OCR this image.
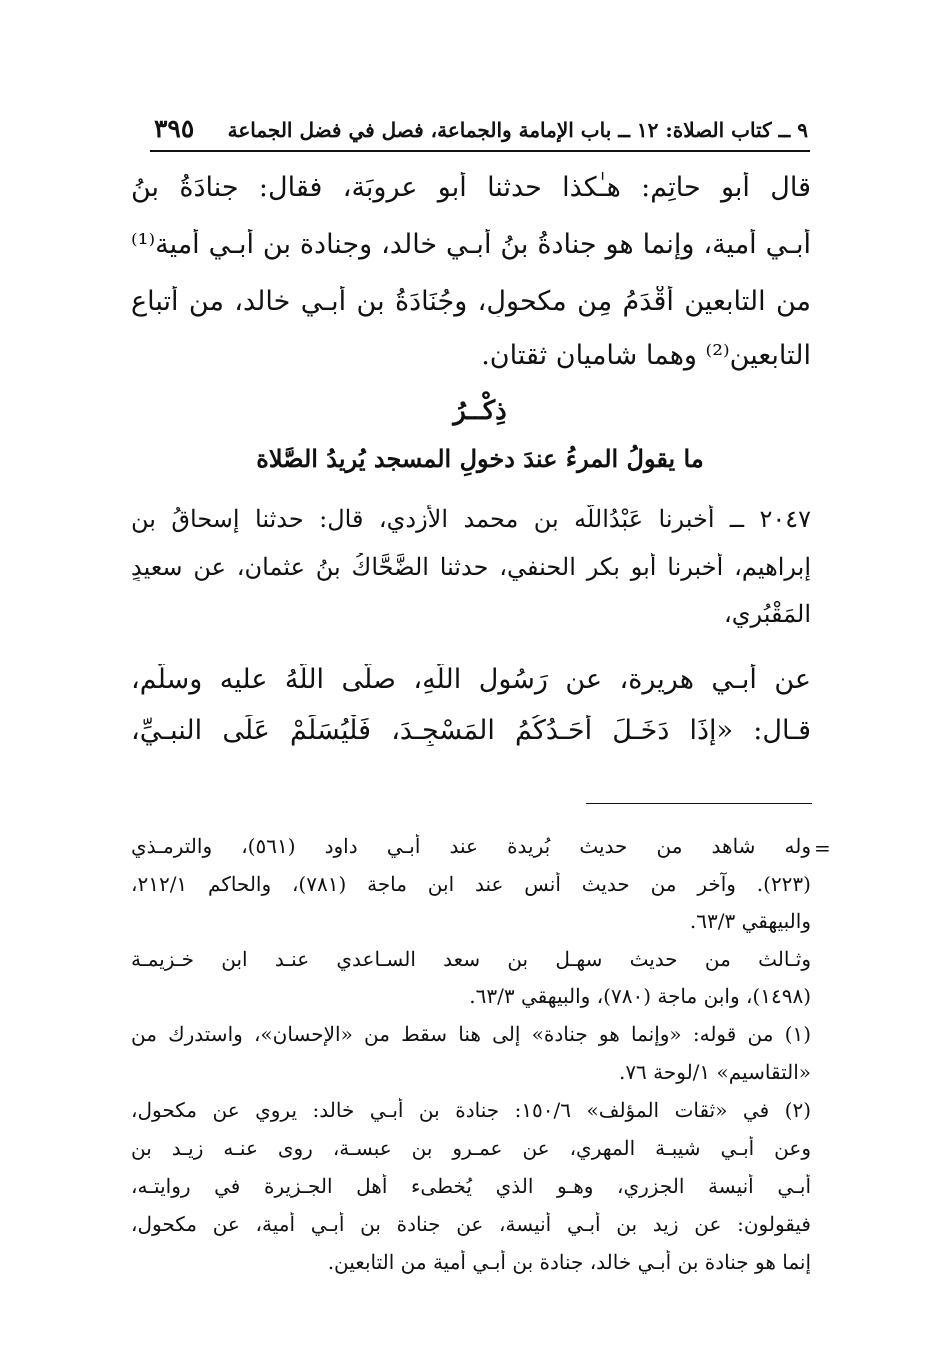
٩ ــ كتاب الصلاة: ١٢ ــ باب الإمامة والجماعة، فصل في فضل الجماعة
٣٩٥
قال أبو حاتِم: هـٰكذا حدثنا أبو عروبَة، فقال: جنادَةُ بنُ
أبـي أمية، وإنما هو جنادةُ بنُ أبـي خالد، وجنادة بن أبـي أمية⁽¹⁾
من التابعين أقْدَمُ مِن مكحولٍ، وجُنَادَةُ بن أبـي خالد، من أتباعِ
التابعين⁽²⁾ وهما شاميان ثقتان.
ذِكْــرُ
ما يقولُ المرءُ عندَ دخولِ المسجد يُريدُ الصَّلاة
٢٠٤٧ ــ أخبرنا عَبْدُاللَّه بن محمد الأزدي، قال: حدثنا إسحاقُ بن
إبراهيم، أخبرنا أبو بكر الحنفي، حدثنا الضَّحَّاكُ بنُ عثمان، عن سعيدٍ
المَقْبُري،
عن أبـي هريرة، عن رَسُولِ اللَّهِ، صلَّى اللَّهُ عليه وسلَّم،
قـال: «إذَا دَخَـلَ أَحَـدُكُمُ المَسْجِـدَ، فَلْيُسَلِّمْ عَلَى النبـيِّ،
=
وله شاهد من حديث بُريدة عند أبـي داود (٥٦١)، والترمـذي
(٢٢٣). وآخر من حديث أنس عند ابن ماجة (٧٨١)، والحاكم ٢١٢/١،
والبيهقي ٦٣/٣.
وثـالث من حديث سهـل بن سعد السـاعدي عنـد ابن خـزيمـة
(١٤٩٨)، وابن ماجة (٧٨٠)، والبيهقي ٦٣/٣.
(١) من قوله: «وإنما هو جنادة» إلى هنا سقط من «الإحسان»، واستدرك من
«التقاسيم» ١/لوحة ٧٦.
(٢) في «ثقات المؤلف» ١٥٠/٦: جنادة بن أبـي خالد: يروي عن مكحول،
وعن أبـي شيبـة المهري، عن عمـرو بن عبسـة، روى عنـه زيـد بن
أبـي أُنيسة الجزري، وهـو الذي يُخطىء أهل الجـزيرة في روايتـه،
فيقولون: عن زيد بن أبـي أنيسة، عن جنادة بن أبـي أمية، عن مكحول،
إنما هو جنادة بن أبـي خالد، جنادة بن أبـي أمية من التابعين.
